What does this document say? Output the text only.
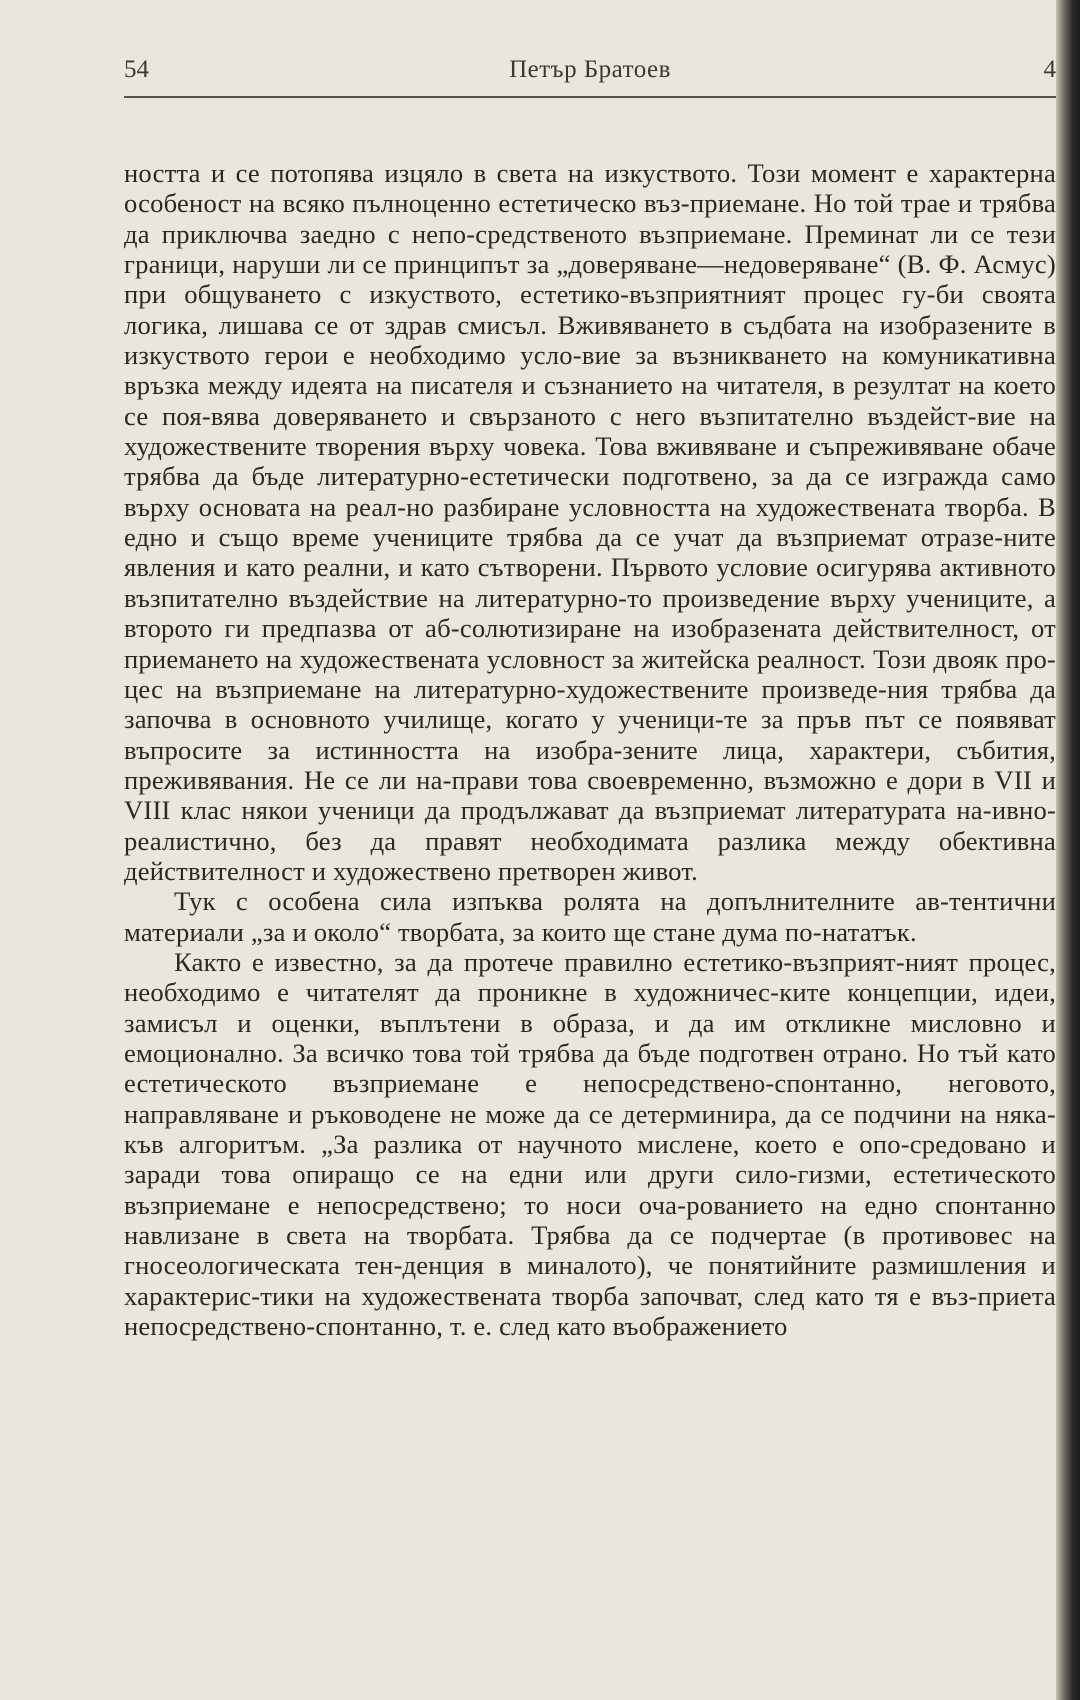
54	Петър Братоев	4

ността и се потопява изцяло в света на изкуството. Този момент е характерна особеност на всяко пълноценно естетическо въз-приемане. Но той трае и трябва да приключва заедно с непо-средственото възприемане. Преминат ли се тези граници, наруши ли се принципът за „доверяване—недоверяване“ (В. Ф. Асмус) при общуването с изкуството, естетико-възприятният процес гу-би своята логика, лишава се от здрав смисъл. Вживяването в съдбата на изобразените в изкуството герои е необходимо усло-вие за възникването на комуникативна връзка между идеята на писателя и съзнанието на читателя, в резултат на което се поя-вява доверяването и свързаното с него възпитателно въздейст-вие на художествените творения върху човека. Това вживяване и съпреживяване обаче трябва да бъде литературно-естетически подготвено, за да се изгражда само върху основата на реал-но разбиране условността на художествената творба. В едно и също време учениците трябва да се учат да възприемат отразе-ните явления и като реални, и като сътворени. Първото условие осигурява активното възпитателно въздействие на литературно-то произведение върху учениците, а второто ги предпазва от аб-солютизиране на изобразената действителност, от приемането на художествената условност за житейска реалност. Този двояк про-цес на възприемане на литературно-художествените произведе-ния трябва да започва в основното училище, когато у ученици-те за пръв път се появяват въпросите за истинността на изобра-зените лица, характери, събития, преживявания. Не се ли на-прави това своевременно, възможно е дори в VII и VIII клас някои ученици да продължават да възприемат литературата на-ивно-реалистично, без да правят необходимата разлика между обективна действителност и художествено претворен живот.

Тук с особена сила изпъква ролята на допълнителните ав-тентични материали „за и около“ творбата, за които ще стане дума по-нататък.

Както е известно, за да протече правилно естетико-възприят-ният процес, необходимо е читателят да проникне в художничес-ките концепции, идеи, замисъл и оценки, въплътени в образа, и да им откликне мисловно и емоционално. За всичко това той трябва да бъде подготвен отрано. Но тъй като естетическото възприемане е непосредствено-спонтанно, неговото, направляване и ръководене не може да се детерминира, да се подчини на няка-къв алгоритъм. „За разлика от научното мислене, което е опо-средовано и заради това опиращо се на едни или други сило-гизми, естетическото възприемане е непосредствено; то носи оча-рованието на едно спонтанно навлизане в света на творбата. Трябва да се подчертае (в противовес на гносеологическата тен-денция в миналото), че понятийните размишления и характерис-тики на художествената творба започват, след като тя е въз-приета непосредствено-спонтанно, т. е. след като въображението
